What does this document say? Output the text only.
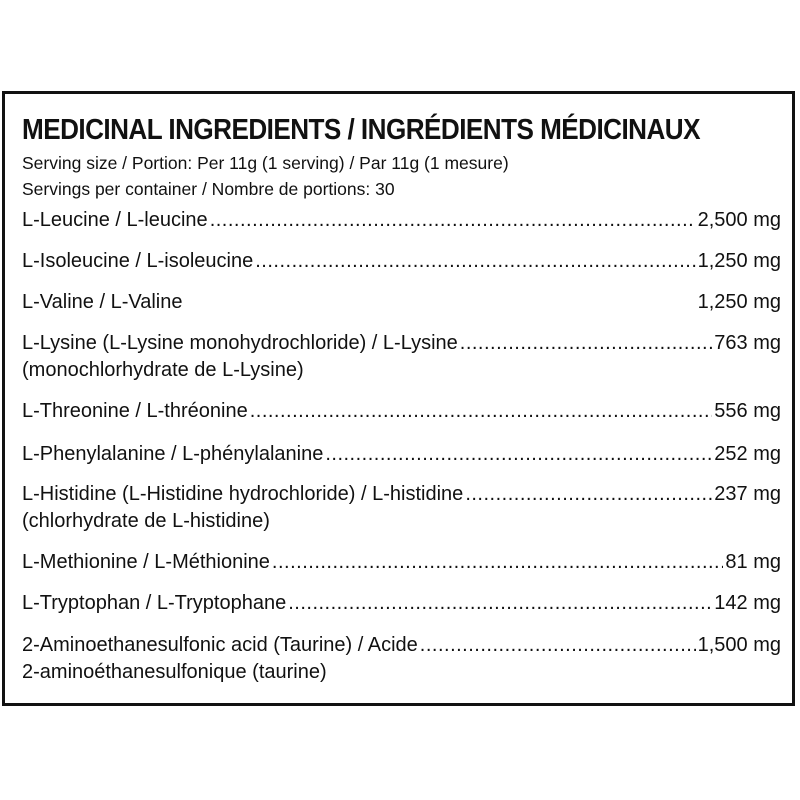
MEDICINAL INGREDIENTS / INGRÉDIENTS MÉDICINAUX
Serving size / Portion: Per 11g (1 serving) / Par 11g (1 mesure)
Servings per container / Nombre de portions: 30
L-Leucine / L-leucine .....	2,500 mg
L-Isoleucine / L-isoleucine .....	1,250 mg
L-Valine / L-Valine	1,250 mg
L-Lysine (L-Lysine monohydrochloride) / L-Lysine .....	763 mg
(monochlorhydrate de L-Lysine)
L-Threonine / L-thréonine .....	556 mg
L-Phenylalanine / L-phénylalanine .....	252 mg
L-Histidine (L-Histidine hydrochloride) / L-histidine .....	237 mg
(chlorhydrate de L-histidine)
L-Methionine / L-Méthionine .....	81 mg
L-Tryptophan / L-Tryptophane .....	142 mg
2-Aminoethanesulfonic acid (Taurine) / Acide .....	1,500 mg
2-aminoéthanesulfonique (taurine)
